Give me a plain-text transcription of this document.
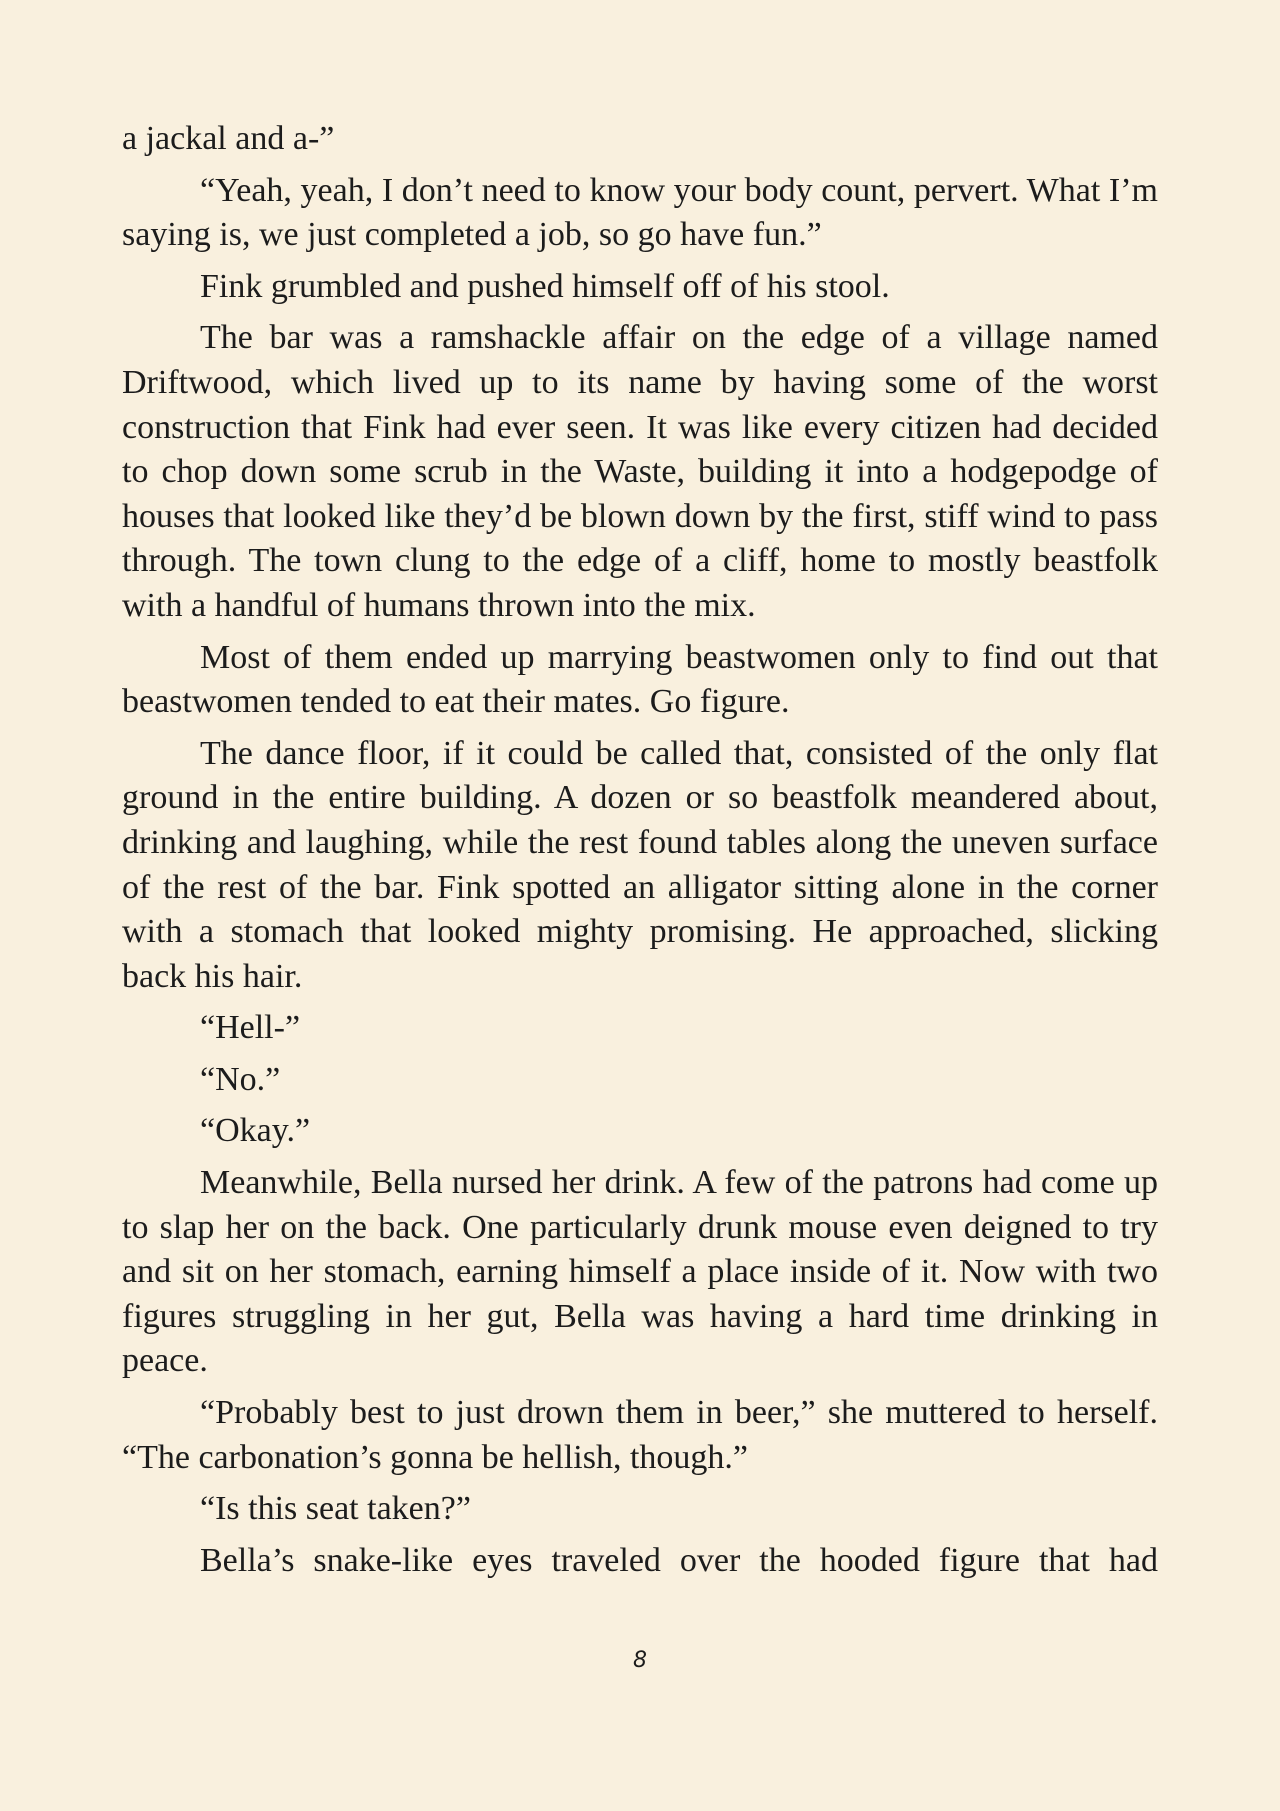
a jackal and a-”

“Yeah, yeah, I don’t need to know your body count, pervert. What I’m saying is, we just completed a job, so go have fun.”

Fink grumbled and pushed himself off of his stool.

The bar was a ramshackle affair on the edge of a village named Driftwood, which lived up to its name by having some of the worst construction that Fink had ever seen. It was like every citizen had decided to chop down some scrub in the Waste, building it into a hodgepodge of houses that looked like they’d be blown down by the first, stiff wind to pass through. The town clung to the edge of a cliff, home to mostly beastfolk with a handful of humans thrown into the mix.

Most of them ended up marrying beastwomen only to find out that beastwomen tended to eat their mates. Go figure.

The dance floor, if it could be called that, consisted of the only flat ground in the entire building. A dozen or so beastfolk meandered about, drinking and laughing, while the rest found tables along the uneven surface of the rest of the bar. Fink spotted an alligator sitting alone in the corner with a stomach that looked mighty promising. He approached, slicking back his hair.

“Hell-”

“No.”

“Okay.”

Meanwhile, Bella nursed her drink. A few of the patrons had come up to slap her on the back. One particularly drunk mouse even deigned to try and sit on her stomach, earning himself a place inside of it. Now with two figures struggling in her gut, Bella was having a hard time drinking in peace.

“Probably best to just drown them in beer,” she muttered to herself. “The carbonation’s gonna be hellish, though.”

“Is this seat taken?”

Bella’s snake-like eyes traveled over the hooded figure that had

8
